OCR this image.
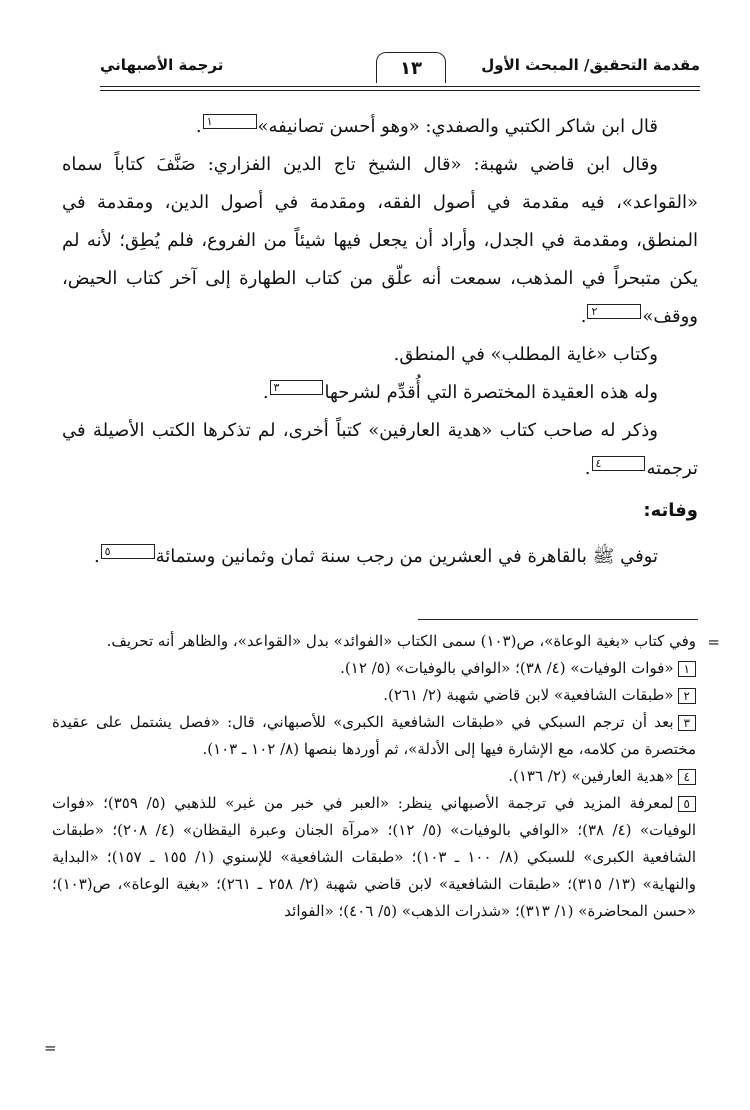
مقدمة التحقيق/ المبحث الأول
١٣
ترجمة الأصبهاني

قال ابن شاكر الكتبي والصفدي: «وهو أحسن تصانيفه»١.

وقال ابن قاضي شهبة: «قال الشيخ تاج الدين الفزاري: صَنَّفَ كتاباً سماه «القواعد»، فيه مقدمة في أصول الفقه، ومقدمة في أصول الدين، ومقدمة في المنطق، ومقدمة في الجدل، وأراد أن يجعل فيها شيئاً من الفروع، فلم يُطِق؛ لأنه لم يكن متبحراً في المذهب، سمعت أنه علّق من كتاب الطهارة إلى آخر كتاب الحيض، ووقف»٢.

وكتاب «غاية المطلب» في المنطق.

وله هذه العقيدة المختصرة التي أُقدِّم لشرحها٣.

وذكر له صاحب كتاب «هدية العارفين» كتباً أخرى، لم تذكرها الكتب الأصيلة في ترجمته٤.

وفاته:

توفي ﷺ بالقاهرة في العشرين من رجب سنة ثمان وثمانين وستمائة٥.

=

وفي كتاب «بغية الوعاة»، ص(١٠٣) سمى الكتاب «الفوائد» بدل «القواعد»، والظاهر أنه تحريف.

١«فوات الوفيات» (٤/ ٣٨)؛ «الوافي بالوفيات» (٥/ ١٢).

٢«طبقات الشافعية» لابن قاضي شهبة (٢/ ٢٦١).

٣بعد أن ترجم السبكي في «طبقات الشافعية الكبرى» للأصبهاني، قال: «فصل يشتمل على عقيدة مختصرة من كلامه، مع الإشارة فيها إلى الأدلة»، ثم أوردها بنصها (٨/ ١٠٢ ـ ١٠٣).

٤«هدية العارفين» (٢/ ١٣٦).

٥لمعرفة المزيد في ترجمة الأصبهاني ينظر: «العبر في خبر من غبر» للذهبي (٥/ ٣٥٩)؛ «فوات الوفيات» (٤/ ٣٨)؛ «الوافي بالوفيات» (٥/ ١٢)؛ «مرآة الجنان وعبرة اليقظان» (٤/ ٢٠٨)؛ «طبقات الشافعية الكبرى» للسبكي (٨/ ١٠٠ ـ ١٠٣)؛ «طبقات الشافعية» للإسنوي (١/ ١٥٥ ـ ١٥٧)؛ «البداية والنهاية» (١٣/ ٣١٥)؛ «طبقات الشافعية» لابن قاضي شهبة (٢/ ٢٥٨ ـ ٢٦١)؛ «بغية الوعاة»، ص(١٠٣)؛ «حسن المحاضرة» (١/ ٣١٣)؛ «شذرات الذهب» (٥/ ٤٠٦)؛ «الفوائد

=
